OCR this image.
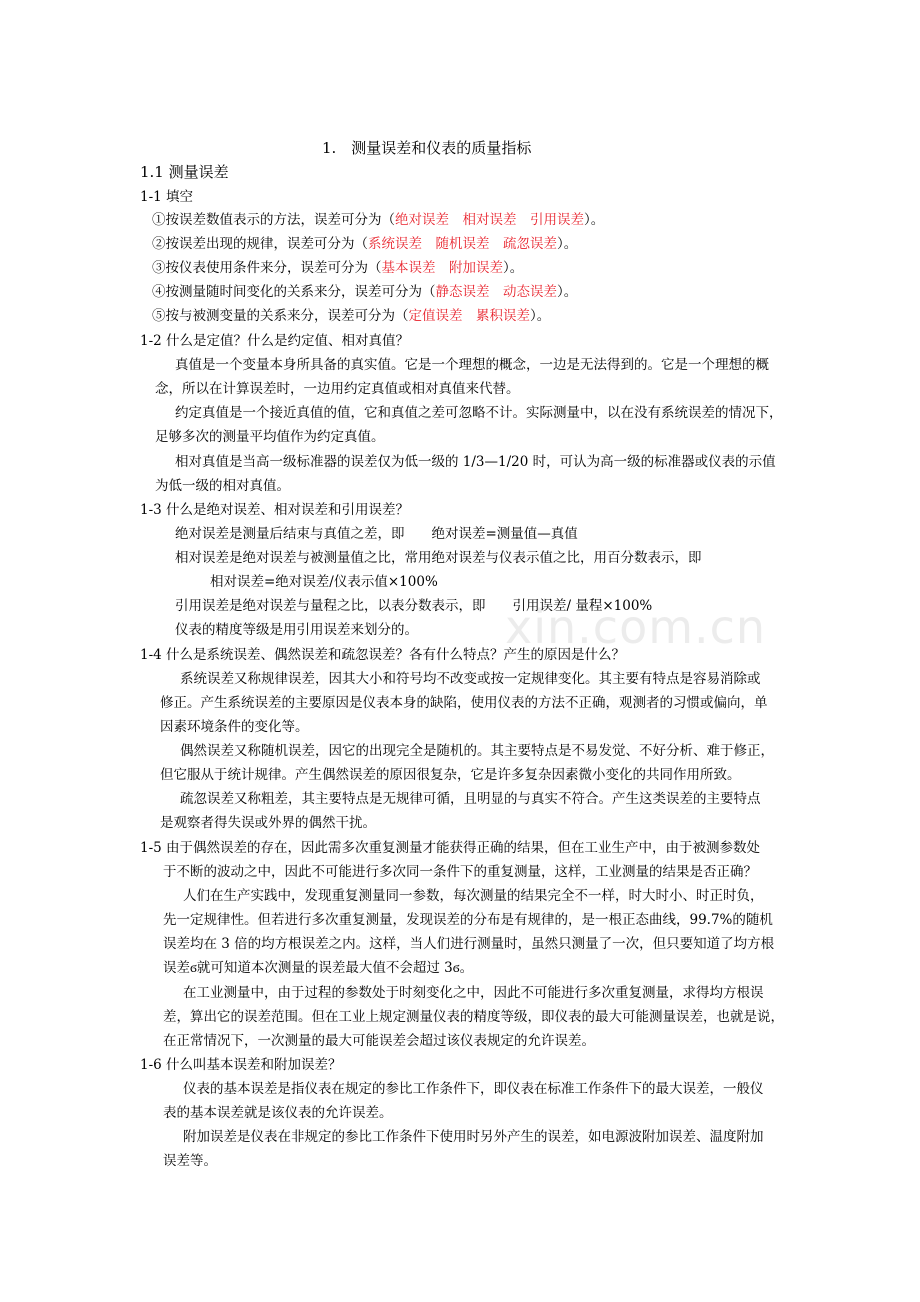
xin.com.cn
1.　测量误差和仪表的质量指标
1.1 测量误差
1-1 填空
①按误差数值表示的方法，误差可分为（绝对误差　相对误差　引用误差）。
②按误差出现的规律，误差可分为（系统误差　随机误差　疏忽误差）。
③按仪表使用条件来分，误差可分为（基本误差　附加误差）。
④按测量随时间变化的关系来分，误差可分为（静态误差　动态误差）。
⑤按与被测变量的关系来分，误差可分为（定值误差　累积误差）。
1-2 什么是定值？什么是约定值、相对真值？
真值是一个变量本身所具备的真实值。它是一个理想的概念，一边是无法得到的。它是一个理想的概
念，所以在计算误差时，一边用约定真值或相对真值来代替。
约定真值是一个接近真值的值，它和真值之差可忽略不计。实际测量中，以在没有系统误差的情况下，
足够多次的测量平均值作为约定真值。
相对真值是当高一级标准器的误差仅为低一级的 1/3—1/20 时，可认为高一级的标准器或仪表的示值
为低一级的相对真值。
1-3 什么是绝对误差、相对误差和引用误差？
绝对误差是测量后结束与真值之差，即　　绝对误差=测量值—真值
相对误差是绝对误差与被测量值之比，常用绝对误差与仪表示值之比，用百分数表示，即
相对误差=绝对误差/仪表示值×100%
引用误差是绝对误差与量程之比，以表分数表示，即　　引用误差/ 量程×100%
仪表的精度等级是用引用误差来划分的。
1-4 什么是系统误差、偶然误差和疏忽误差？各有什么特点？产生的原因是什么？
系统误差又称规律误差，因其大小和符号均不改变或按一定规律变化。其主要有特点是容易消除或
修正。产生系统误差的主要原因是仪表本身的缺陷，使用仪表的方法不正确，观测者的习惯或偏向，单
因素环境条件的变化等。
偶然误差又称随机误差，因它的出现完全是随机的。其主要特点是不易发觉、不好分析、难于修正，
但它服从于统计规律。产生偶然误差的原因很复杂，它是许多复杂因素微小变化的共同作用所致。
疏忽误差又称粗差，其主要特点是无规律可循，且明显的与真实不符合。产生这类误差的主要特点
是观察者得失误或外界的偶然干扰。
1-5 由于偶然误差的存在，因此需多次重复测量才能获得正确的结果，但在工业生产中，由于被测参数处
于不断的波动之中，因此不可能进行多次同一条件下的重复测量，这样，工业测量的结果是否正确？
人们在生产实践中，发现重复测量同一参数，每次测量的结果完全不一样，时大时小、时正时负，
先一定规律性。但若进行多次重复测量，发现误差的分布是有规律的，是一根正态曲线，99.7%的随机
误差均在 3 倍的均方根误差之内。这样，当人们进行测量时，虽然只测量了一次，但只要知道了均方根
误差ϭ就可知道本次测量的误差最大值不会超过 3ϭ。
在工业测量中，由于过程的参数处于时刻变化之中，因此不可能进行多次重复测量，求得均方根误
差，算出它的误差范围。但在工业上规定测量仪表的精度等级，即仪表的最大可能测量误差，也就是说，
在正常情况下，一次测量的最大可能误差会超过该仪表规定的允许误差。
1-6 什么叫基本误差和附加误差？
仪表的基本误差是指仪表在规定的参比工作条件下，即仪表在标准工作条件下的最大误差，一般仪
表的基本误差就是该仪表的允许误差。
附加误差是仪表在非规定的参比工作条件下使用时另外产生的误差，如电源波附加误差、温度附加
误差等。
